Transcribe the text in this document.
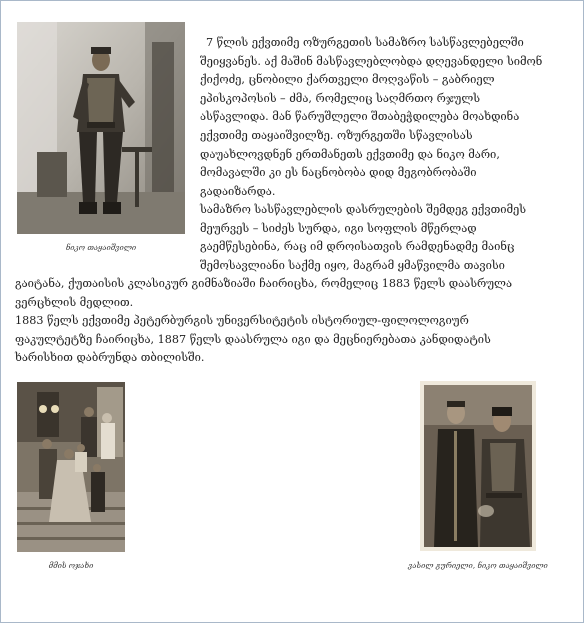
ნიკო თაყაიშვილი
7 წლის ექვთიმე ოზურგეთის სამაზრო სასწავლებელში
შეიყვანეს. აქ მაშინ მასწავლებლობდა დღევანდელი სიმონ
ქიქოძე, ცნობილი ქართველი მოღვაწის – გაბრიელ
ეპისკოპოსის – ძმა, რომელიც საღმრთო რჯულს
ასწავლიდა. მან წარუშლელი შთაბეჭდილება მოახდინა
ექვთიმე თაყაიშვილზე. ოზურგეთში სწავლისას
დაუახლოვდნენ ერთმანეთს ექვთიმე და ნიკო მარი,
მომავალში კი ეს ნაცნობობა დიდ მეგობრობაში
გადაიზარდა.
სამაზრო სასწავლებლის დასრულების შემდეგ ექვთიმეს
მეურვეს – სიძეს სურდა, იგი სოფლის მწერლად
გაემწესებინა, რაც იმ დროისათვის რამდენადმე მაინც
შემოსავლიანი საქმე იყო, მაგრამ ყმაწვილმა თავისი
გაიტანა, ქუთაისის კლასიკურ გიმნაზიაში ჩაირიცხა, რომელიც 1883 წელს დაასრულა
ვერცხლის მედლით.
1883 წელს ექვთიმე პეტერბურგის უნივერსიტეტის ისტორიულ-ფილოლოგიურ
ფაკულტეტზე ჩაირიცხა, 1887 წელს დაასრულა იგი და მეცნიერებათა კანდიდატის
ხარისხით დაბრუნდა თბილისში.
მმის ოჯახი	ვასილ გურიელი, ნიკო თაყაიშვილი
